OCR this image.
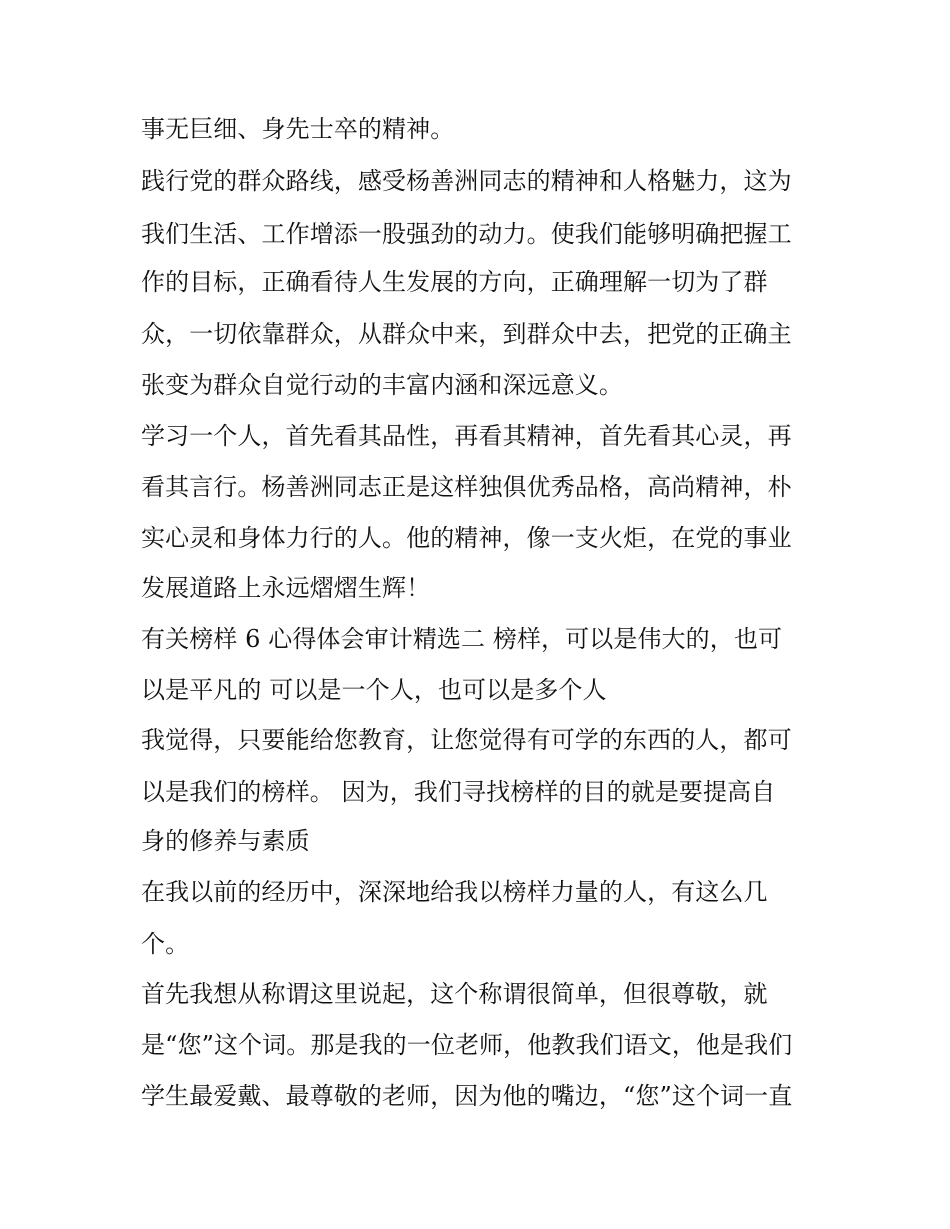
事无巨细、身先士卒的精神。

践行党的群众路线，感受杨善洲同志的精神和人格魅力，这为

我们生活、工作增添一股强劲的动力。使我们能够明确把握工

作的目标，正确看待人生发展的方向，正确理解一切为了群

众，一切依靠群众，从群众中来，到群众中去，把党的正确主

张变为群众自觉行动的丰富内涵和深远意义。

学习一个人，首先看其品性，再看其精神，首先看其心灵，再

看其言行。杨善洲同志正是这样独俱优秀品格，高尚精神，朴

实心灵和身体力行的人。他的精神，像一支火炬，在党的事业

发展道路上永远熠熠生辉！

有关榜样 6 心得体会审计精选二 榜样，可以是伟大的，也可

以是平凡的 可以是一个人，也可以是多个人

我觉得，只要能给您教育，让您觉得有可学的东西的人，都可

以是我们的榜样。 因为，我们寻找榜样的目的就是要提高自

身的修养与素质

在我以前的经历中，深深地给我以榜样力量的人，有这么几

个。

首先我想从称谓这里说起，这个称谓很简单，但很尊敬，就

是“您”这个词。那是我的一位老师，他教我们语文，他是我们

学生最爱戴、最尊敬的老师，因为他的嘴边，“您”这个词一直
